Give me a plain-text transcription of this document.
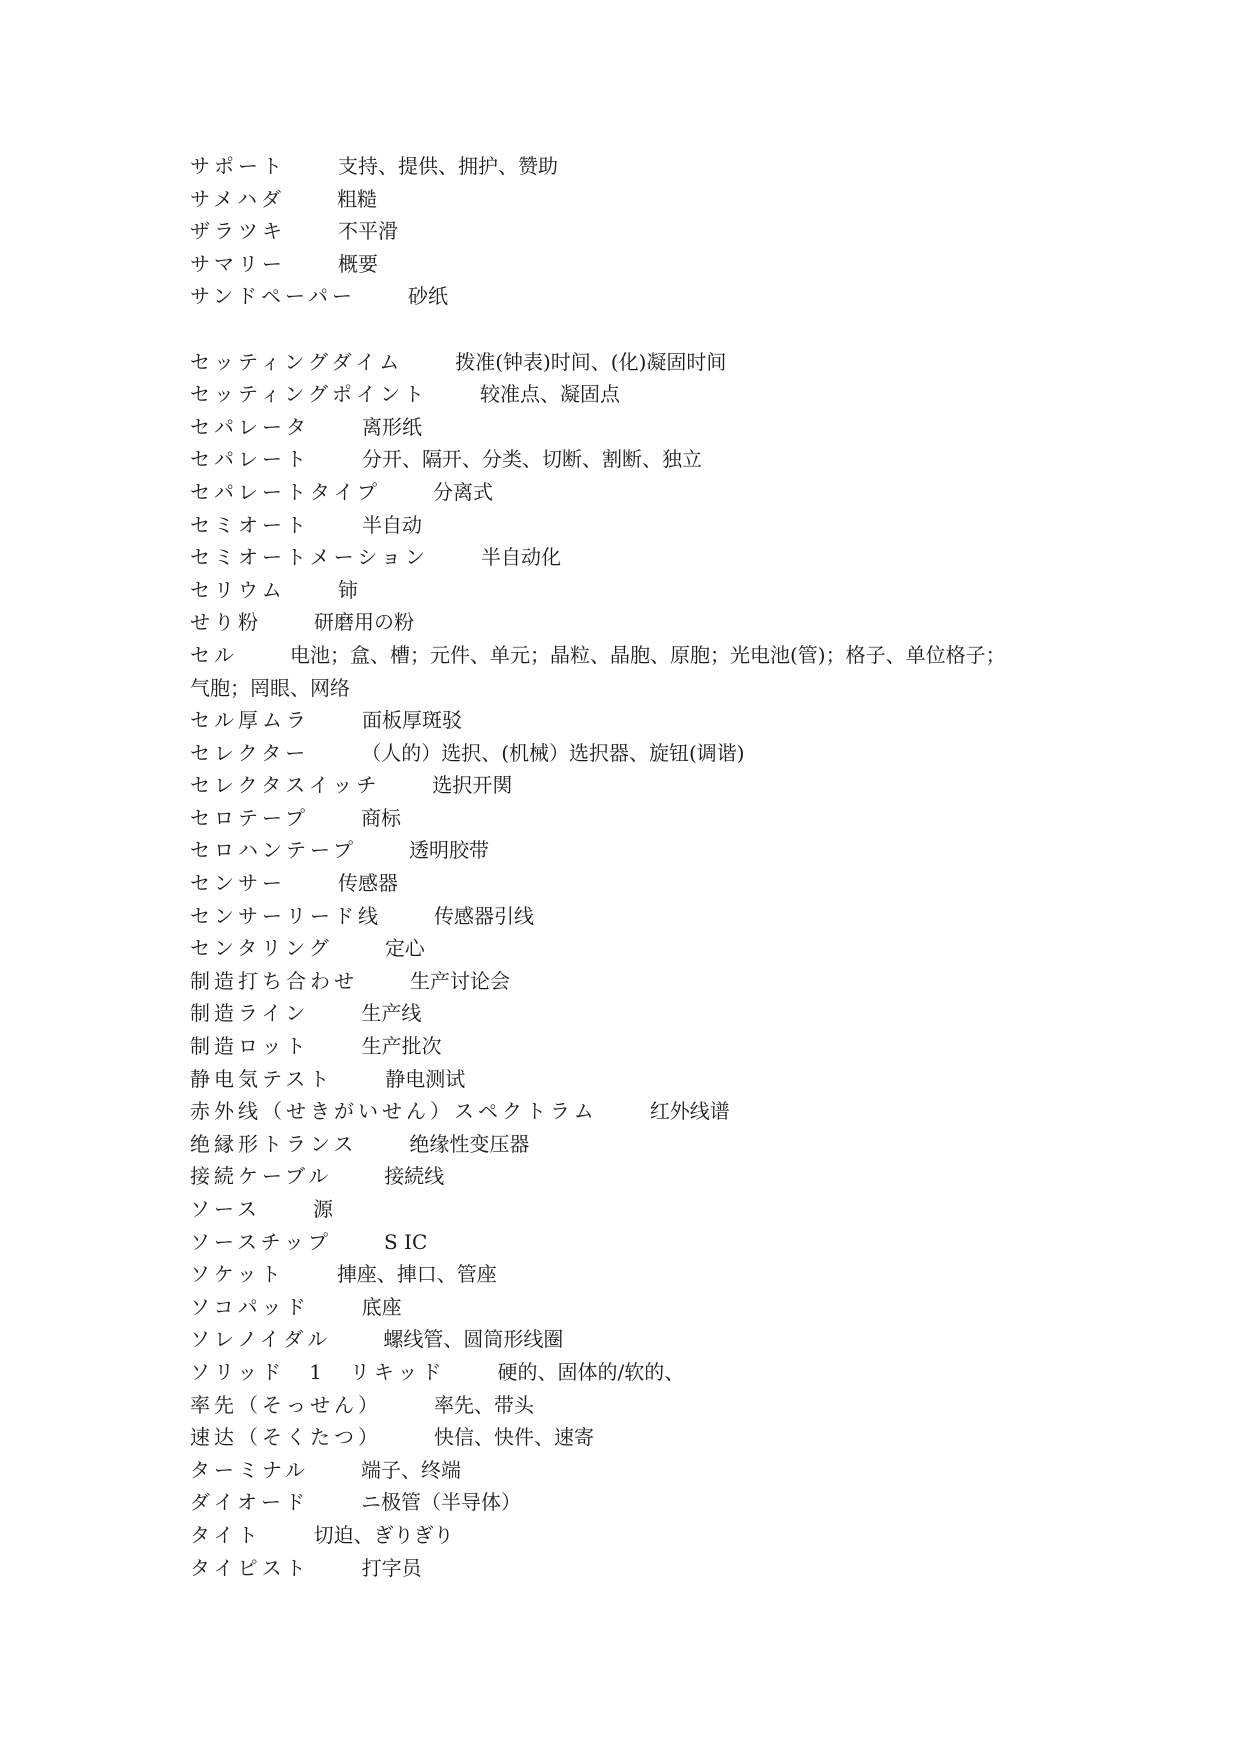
サポート	支持、提供、拥护、赞助
サメハダ	粗糙
ザラツキ	不平滑
サマリー	概要
サンドペーパー	砂纸
セッティングダイム	拨准(钟表)时间、(化)凝固时间
セッティングポイント	较准点、凝固点
セパレータ	离形纸
セパレート	分开、隔开、分类、切断、割断、独立
セパレートタイプ	分离式
セミオート	半自动
セミオートメーション	半自动化
セリウム	铈
せり粉	研磨用の粉
セル	电池；盒、槽；元件、单元；晶粒、晶胞、原胞；光电池(管)；格子、单位格子；
气胞；罔眼、网络
セル厚ムラ	面板厚斑驳
セレクター	（人的）选択、(机械）选択器、旋钮(调谐)
セレクタスイッチ	选択开関
セロテープ	商标
セロハンテープ	透明胶带
センサー	传感器
センサーリード线	传感器引线
センタリング	定心
制造打ち合わせ	生产讨论会
制造ライン	生产线
制造ロット	生产批次
静电気テスト	静电测试
赤外线（せきがいせん）スペクトラム	红外线谱
绝縁形トランス	绝缘性变压器
接続ケーブル	接続线
ソース	源
ソースチップ	S IC
ソケット	捙座、捙口、管座
ソコパッド	底座
ソレノイダル	螺线管、圆筒形线圈
ソリッド　1　リキッド	硬的、固体的/软的、
率先（そっせん）	率先、带头
速达（そくたつ）	快信、快件、速寄
ターミナル	端子、终端
ダイオード	ニ极管（半导体）
タイト	切迫、ぎりぎり
タイピスト	打字员
